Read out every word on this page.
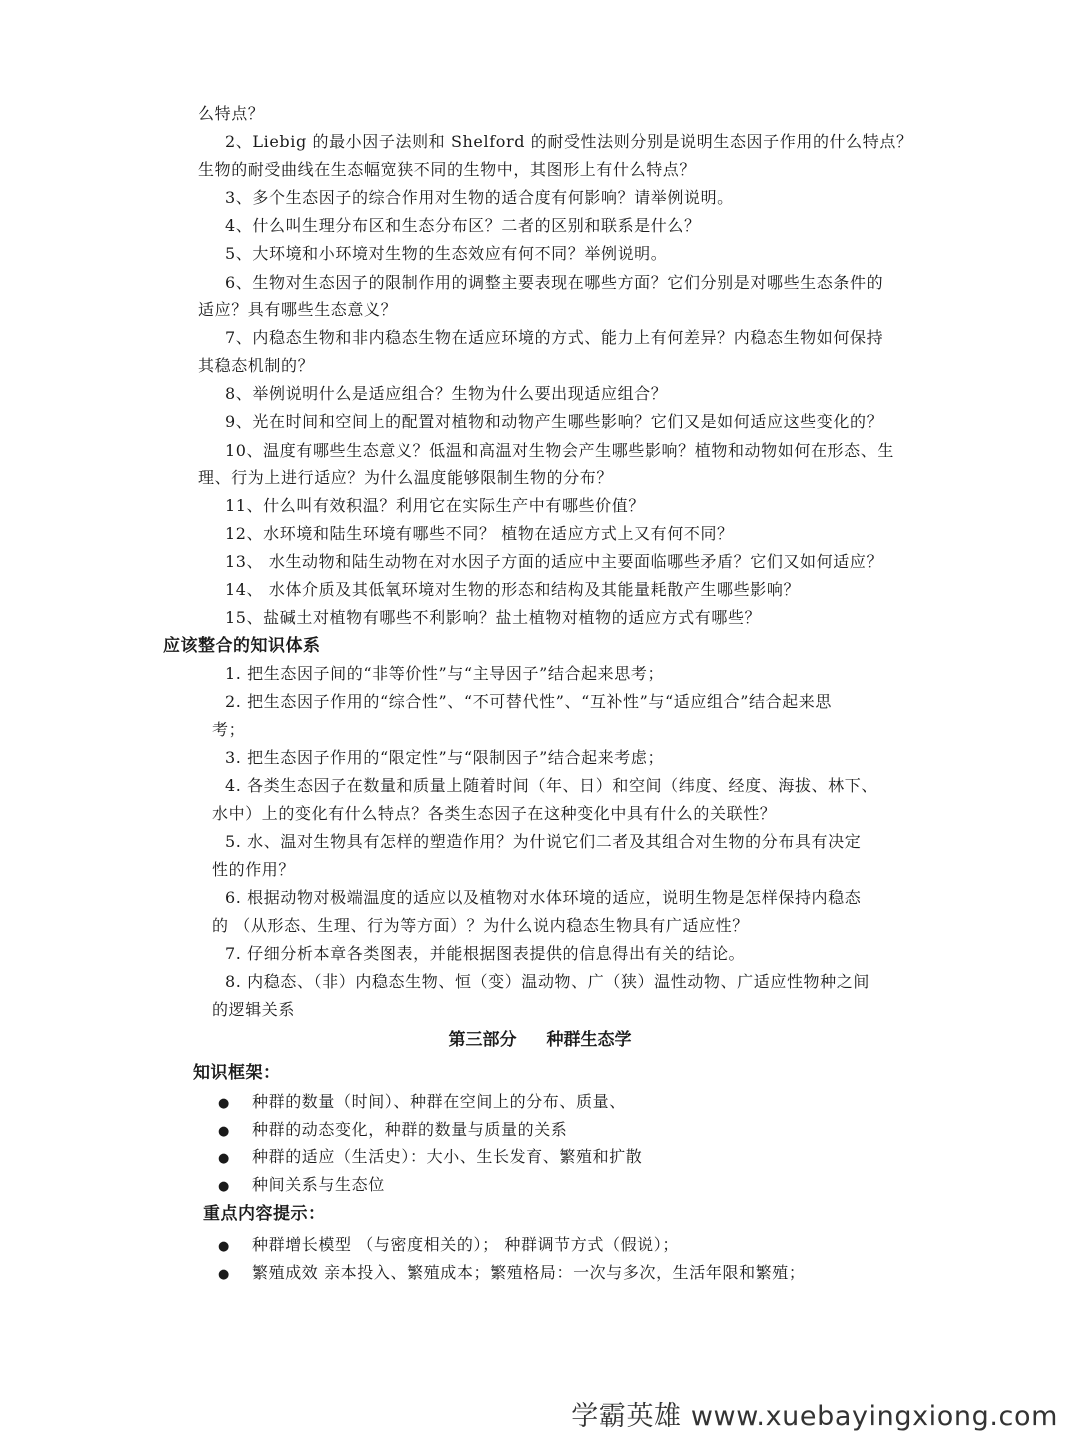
么特点？
2、Liebig 的最小因子法则和 Shelford 的耐受性法则分别是说明生态因子作用的什么特点？
生物的耐受曲线在生态幅宽狭不同的生物中，其图形上有什么特点？
3、多个生态因子的综合作用对生物的适合度有何影响？请举例说明。
4、什么叫生理分布区和生态分布区？二者的区别和联系是什么？
5、大环境和小环境对生物的生态效应有何不同？举例说明。
6、生物对生态因子的限制作用的调整主要表现在哪些方面？它们分别是对哪些生态条件的
适应？具有哪些生态意义？
7、内稳态生物和非内稳态生物在适应环境的方式、能力上有何差异？内稳态生物如何保持
其稳态机制的？
8、举例说明什么是适应组合？生物为什么要出现适应组合？
9、光在时间和空间上的配置对植物和动物产生哪些影响？它们又是如何适应这些变化的？
10、温度有哪些生态意义？低温和高温对生物会产生哪些影响？植物和动物如何在形态、生
理、行为上进行适应？为什么温度能够限制生物的分布？
11、什么叫有效积温？利用它在实际生产中有哪些价值？
12、水环境和陆生环境有哪些不同？ 植物在适应方式上又有何不同？
13、 水生动物和陆生动物在对水因子方面的适应中主要面临哪些矛盾？它们又如何适应？
14、 水体介质及其低氧环境对生物的形态和结构及其能量耗散产生哪些影响？
15、盐碱土对植物有哪些不利影响？盐土植物对植物的适应方式有哪些？
应该整合的知识体系
1. 把生态因子间的“非等价性”与“主导因子”结合起来思考；
2. 把生态因子作用的“综合性”、“不可替代性”、“互补性”与“适应组合”结合起来思
考；
3. 把生态因子作用的“限定性”与“限制因子”结合起来考虑；
4. 各类生态因子在数量和质量上随着时间（年、日）和空间（纬度、经度、海拔、林下、
水中）上的变化有什么特点？各类生态因子在这种变化中具有什么的关联性？
5. 水、温对生物具有怎样的塑造作用？为什说它们二者及其组合对生物的分布具有决定
性的作用？
6. 根据动物对极端温度的适应以及植物对水体环境的适应，说明生物是怎样保持内稳态
的 （从形态、生理、行为等方面）？为什么说内稳态生物具有广适应性？
7. 仔细分析本章各类图表，并能根据图表提供的信息得出有关的结论。
8. 内稳态、（非）内稳态生物、恒（变）温动物、广（狭）温性动物、广适应性物种之间
的逻辑关系
第三部分 种群生态学
知识框架：
● 种群的数量（时间）、种群在空间上的分布、质量、
● 种群的动态变化，种群的数量与质量的关系
● 种群的适应（生活史）：大小、生长发育、繁殖和扩散
● 种间关系与生态位
重点内容提示：
● 种群增长模型 （与密度相关的）； 种群调节方式（假说）；
● 繁殖成效 亲本投入、繁殖成本；繁殖格局：一次与多次，生活年限和繁殖；
学霸英雄 www.xuebayingxiong.com
